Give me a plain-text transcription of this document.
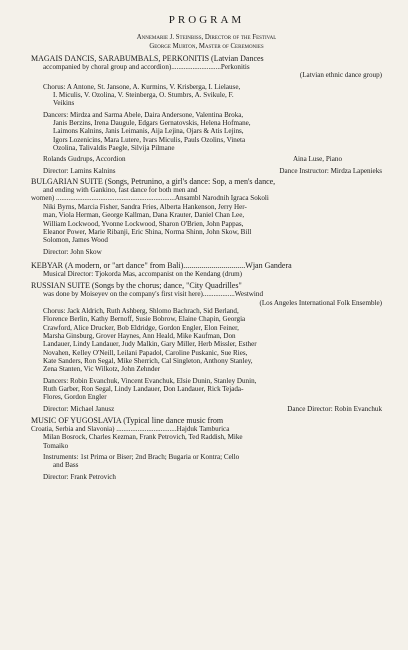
PROGRAM
Annemarie J. Steinbiss, Director of the Festival
George Murton, Master of Ceremonies
MAGAIS DANCIS, SARABUMBALS, PERKONITIS (Latvian Dances
accompanied by choral group and accordion)............................Perkonitis
(Latvian ethnic dance group)
Chorus: A Antone, St. Jansone, A. Kurmins, V. Krisberga, I. Lielause,
I. Miculis, V. Ozolina, V. Steinberga, O. Stumbrs, A. Svikule, F.
Veikins
Dancers: Mirdza and Sarma Abele, Daira Andersone, Valentina Broka,
Janis Berzins, Irena Daugule, Edgars Gernatovskis, Helena Hofmane,
Laimons Kalnins, Janis Leimanis, Aija Lejina, Ojars & Atis Lejins,
Igors Lozenicins, Mara Lutere, Ivars Miculis, Pauls Ozolins, Vineta
Ozolina, Talivaldis Paegle, Silvija Pilmane
Rolands Gudrups, Accordion	Aina Luse, Piano
Director: Lamins Kalnins	Dance Instructor: Mirdza Lapenieks
BULGARIAN SUITE (Songs, Petrunino, a girl's dance: Sop, a men's dance,
and ending with Gankino, fast dance for both men and
women) ...................................................................Ansambl Narodnih Igraca Sokoli
Niki Byrns, Marcia Fisher, Sandra Fries, Alberta Hankenson, Jerry Her-
man, Viola Herman, George Kallman, Dana Krauter, Daniel Chan Lee,
William Lockwood, Yvonne Lockwood, Sharon O'Brien, John Pappas,
Eleanor Power, Marie Ribanji, Eric Shina, Norma Shinn, John Skow, Bill
Solomon, James Wood
Director: John Skow
KEBYAR (A modern, or "art dance" from Bali)...............................Wjan Gandera
Musical Director: Tjokorda Mas, accompanist on the Kendang (drum)
RUSSIAN SUITE (Songs by the chorus; dance, "City Quadrilles"
was done by Moiseyev on the company's first visit here)..................Westwind
(Los Angeles International Folk Ensemble)
Chorus: Jack Aldrich, Ruth Ashberg, Shlomo Bachrach, Sid Berland,
Florence Berlin, Kathy Bernoff, Susie Bobrow, Elaine Chapin, Georgia
Crawford, Alice Drucker, Bob Eldridge, Gordon Engler, Elon Feiner,
Marsha Ginsburg, Grover Haynes, Ann Heald, Mike Kaufman, Don
Landauer, Lindy Landauer, Judy Malkin, Gary Miller, Herb Missler, Esther
Novahen, Kelley O'Neill, Leilani Papadol, Caroline Puskanic, Sue Ries,
Kate Sanders, Ron Segal, Mike Sherrich, Cal Singleton, Anthony Stanley,
Zena Stanten, Vic Wilkotz, John Zehnder
Dancers: Robin Evanchuk, Vincent Evanchuk, Elsie Dunin, Stanley Dunin,
Ruth Garber, Ron Segal, Lindy Landauer, Don Landauer, Rick Tejada-
Flores, Gordon Engler
Director: Michael Janusz	Dance Director: Robin Evanchuk
MUSIC OF YUGOSLAVIA (Typical line dance music from
Croatia, Serbia and Slavonia) ..................................Hajduk Tamburica
Milan Bosrock, Charles Kezman, Frank Petrovich, Ted Raddish, Mike
Tomaiko
Instruments: 1st Prima or Biser; 2nd Brach; Bugaria or Kontra; Cello
and Bass
Director: Frank Petrovich
